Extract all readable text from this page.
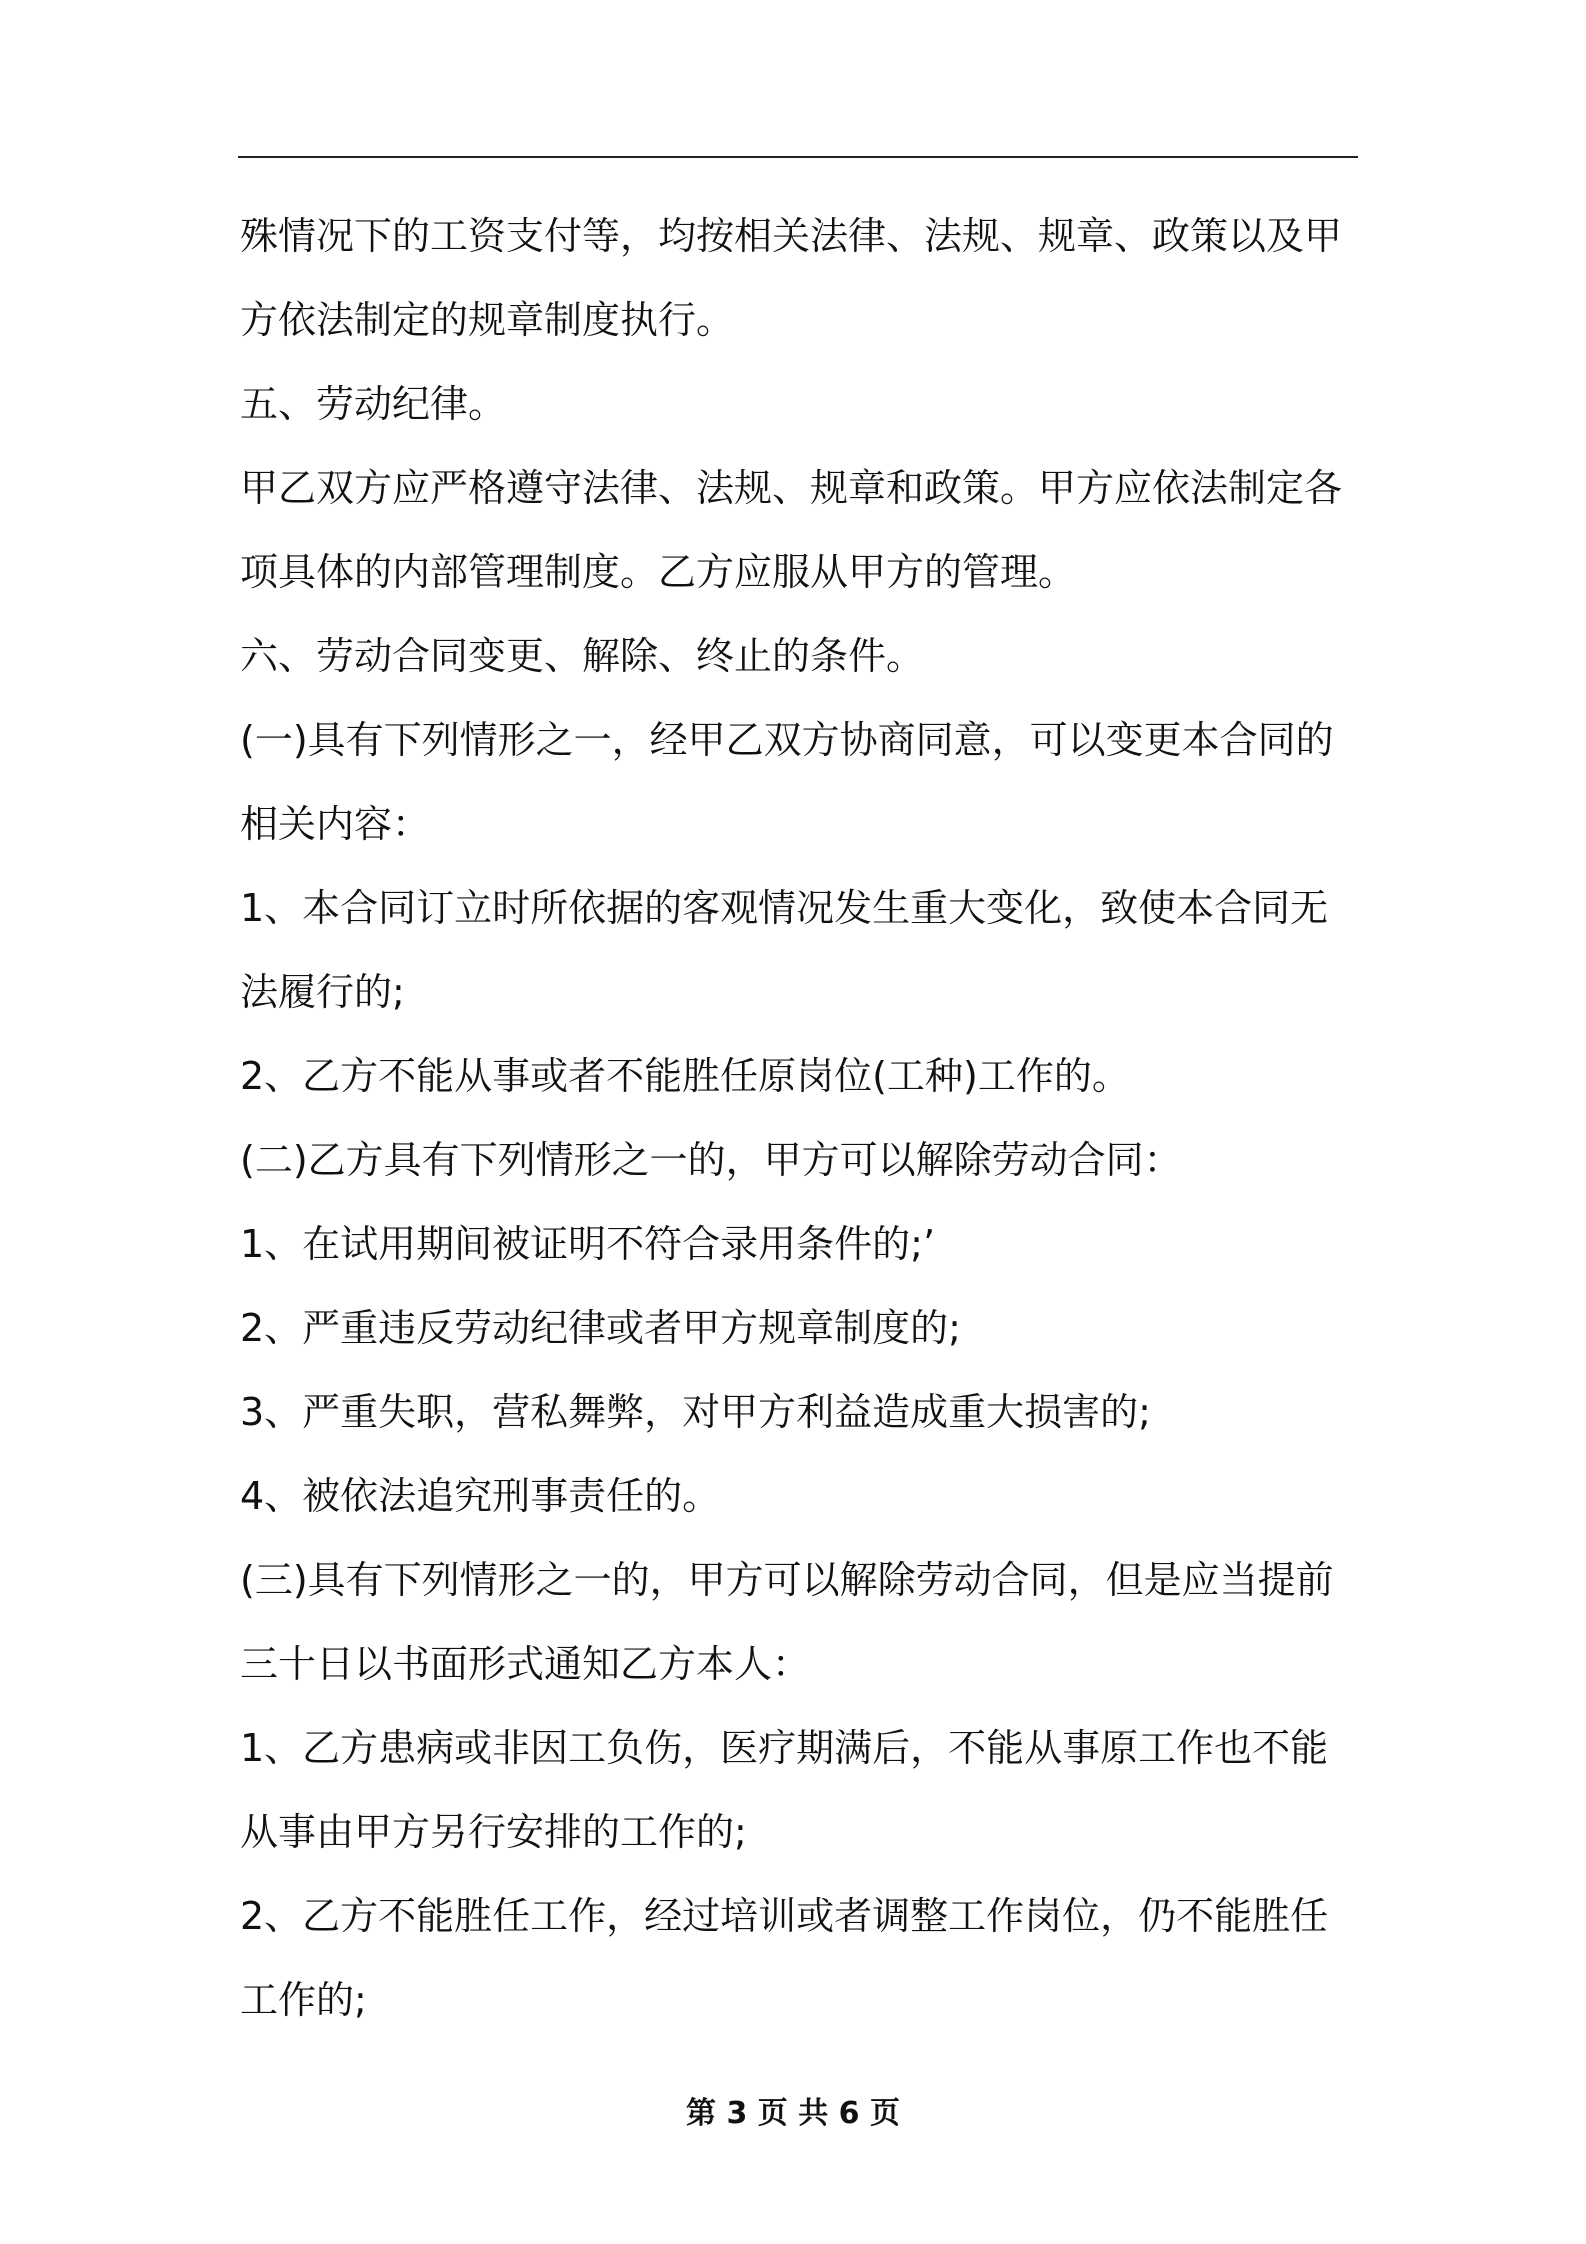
殊情况下的工资支付等，均按相关法律、法规、规章、政策以及甲方依法制定的规章制度执行。

五、劳动纪律。

甲乙双方应严格遵守法律、法规、规章和政策。甲方应依法制定各项具体的内部管理制度。乙方应服从甲方的管理。

六、劳动合同变更、解除、终止的条件。

(一)具有下列情形之一，经甲乙双方协商同意，可以变更本合同的相关内容：

1、本合同订立时所依据的客观情况发生重大变化，致使本合同无法履行的;

2、乙方不能从事或者不能胜任原岗位(工种)工作的。

(二)乙方具有下列情形之一的，甲方可以解除劳动合同：

1、在试用期间被证明不符合录用条件的;’

2、严重违反劳动纪律或者甲方规章制度的;

3、严重失职，营私舞弊，对甲方利益造成重大损害的;

4、被依法追究刑事责任的。

(三)具有下列情形之一的，甲方可以解除劳动合同，但是应当提前三十日以书面形式通知乙方本人：

1、乙方患病或非因工负伤，医疗期满后，不能从事原工作也不能从事由甲方另行安排的工作的;

2、乙方不能胜任工作，经过培训或者调整工作岗位，仍不能胜任工作的;

第 3 页 共 6 页
